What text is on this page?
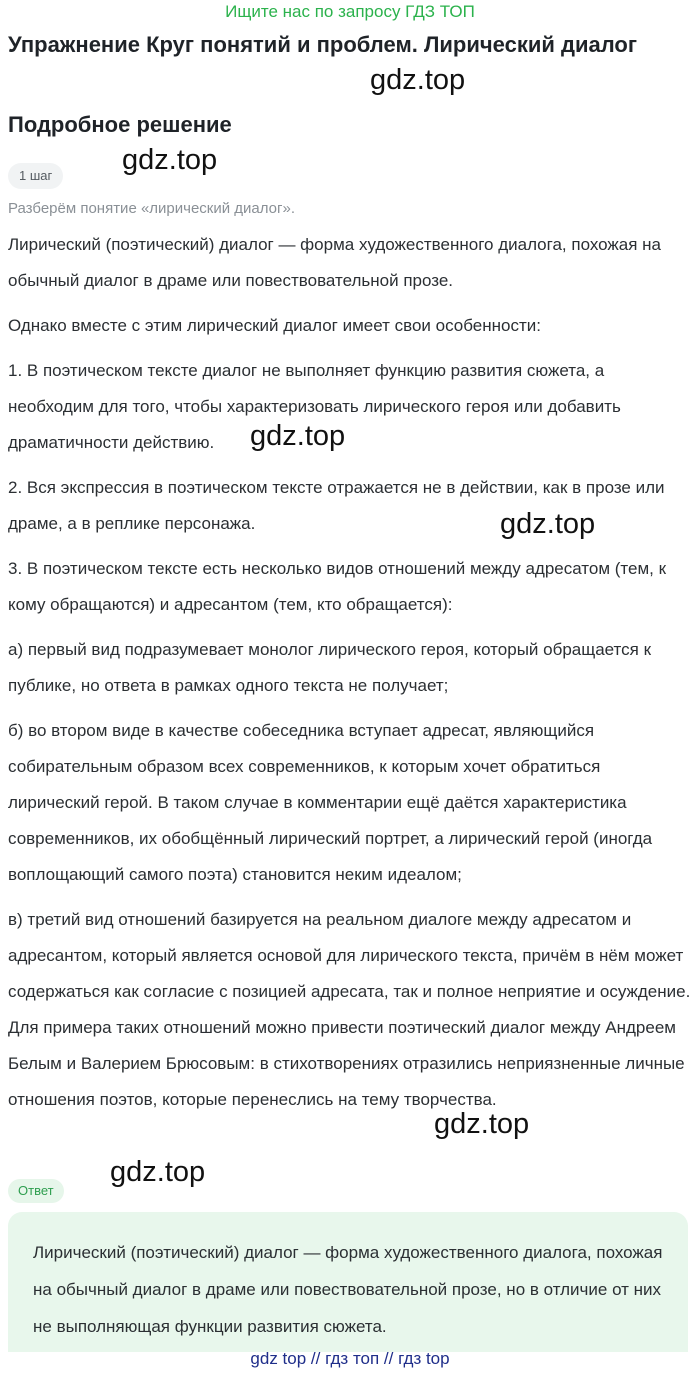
Ищите нас по запросу ГДЗ ТОП
Упражнение Круг понятий и проблем. Лирический диалог
gdz.top
Подробное решение
gdz.top
1 шаг
Разберём понятие «лирический диалог».

Лирический (поэтический) диалог — форма художественного диалога, похожая на обычный диалог в драме или повествовательной прозе.

Однако вместе с этим лирический диалог имеет свои особенности:

1. В поэтическом тексте диалог не выполняет функцию развития сюжета, а необходим для того, чтобы характеризовать лирического героя или добавить драматичности действию.

2. Вся экспрессия в поэтическом тексте отражается не в действии, как в прозе или драме, а в реплике персонажа.

3. В поэтическом тексте есть несколько видов отношений между адресатом (тем, к кому обращаются) и адресантом (тем, кто обращается):

а) первый вид подразумевает монолог лирического героя, который обращается к публике, но ответа в рамках одного текста не получает;

б) во втором виде в качестве собеседника вступает адресат, являющийся собирательным образом всех современников, к которым хочет обратиться лирический герой. В таком случае в комментарии ещё даётся характеристика современников, их обобщённый лирический портрет, а лирический герой (иногда воплощающий самого поэта) становится неким идеалом;

в) третий вид отношений базируется на реальном диалоге между адресатом и адресантом, который является основой для лирического текста, причём в нём может содержаться как согласие с позицией адресата, так и полное неприятие и осуждение. Для примера таких отношений можно привести поэтический диалог между Андреем Белым и Валерием Брюсовым: в стихотворениях отразились неприязненные личные отношения поэтов, которые перенеслись на тему творчества.

gdz.top
gdz.top
gdz.top
gdz.top
Ответ

Лирический (поэтический) диалог — форма художественного диалога, похожая на обычный диалог в драме или повествовательной прозе, но в отличие от них не выполняющая функции развития сюжета.

gdz top // гдз топ // гдз top
